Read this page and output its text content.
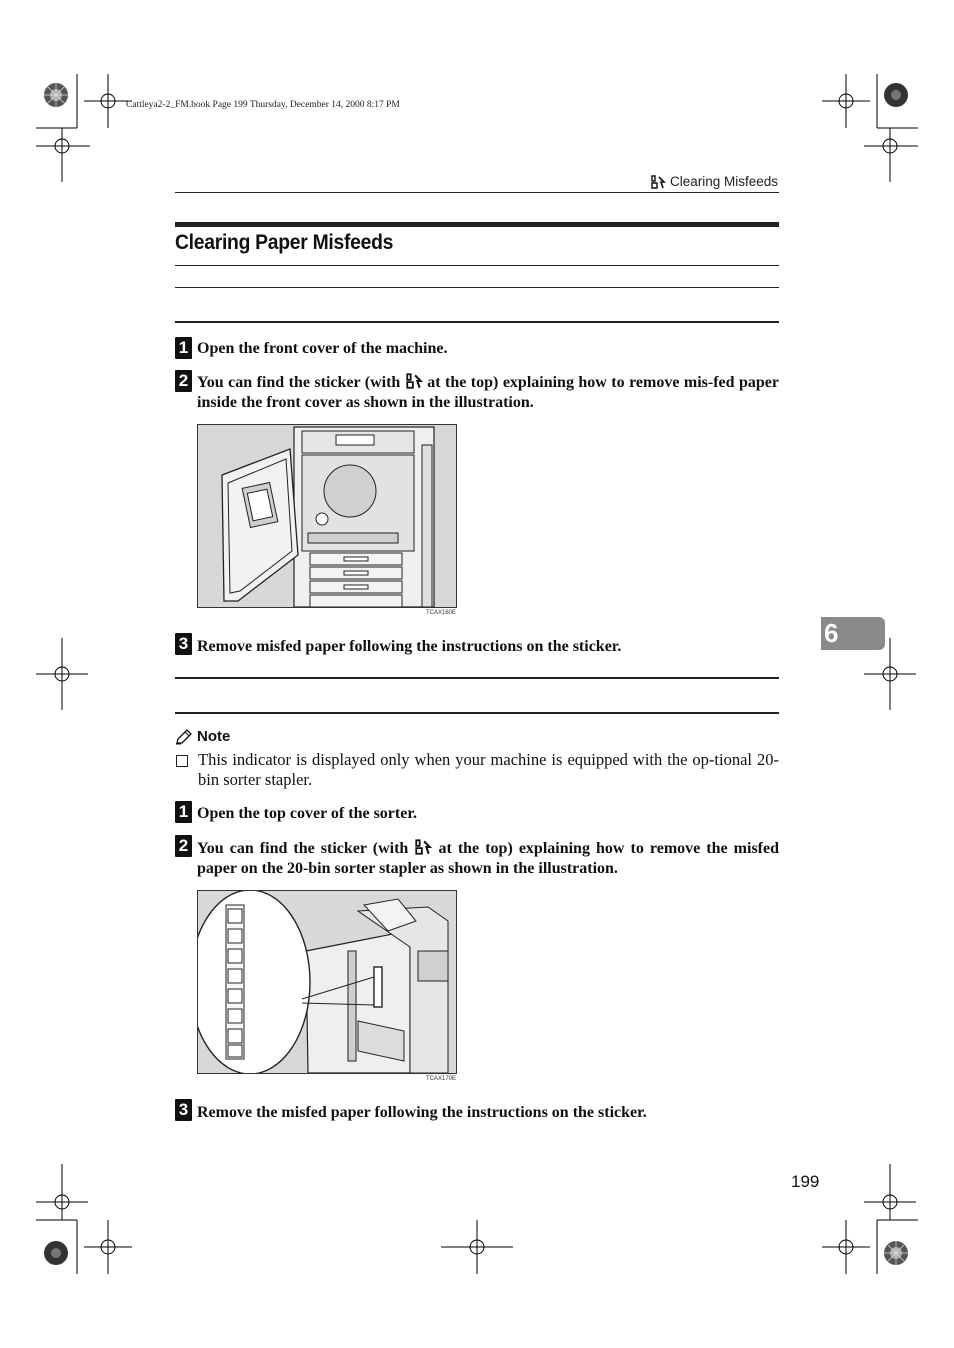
Cattleya2-2_FM.book Page 199 Thursday, December 14, 2000 8:17 PM
Clearing Misfeeds
Clearing Paper Misfeeds
1 Open the front cover of the machine.
2 You can find the sticker (with  at the top) explaining how to remove mis-fed paper inside the front cover as shown in the illustration.
TCAX160E
3 Remove misfed paper following the instructions on the sticker.
Note
This indicator is displayed only when your machine is equipped with the op-tional 20-bin sorter stapler.
1 Open the top cover of the sorter.
2 You can find the sticker (with  at the top) explaining how to remove the misfed paper on the 20-bin sorter stapler as shown in the illustration.
TCAX170E
3 Remove the misfed paper following the instructions on the sticker.
6
199
